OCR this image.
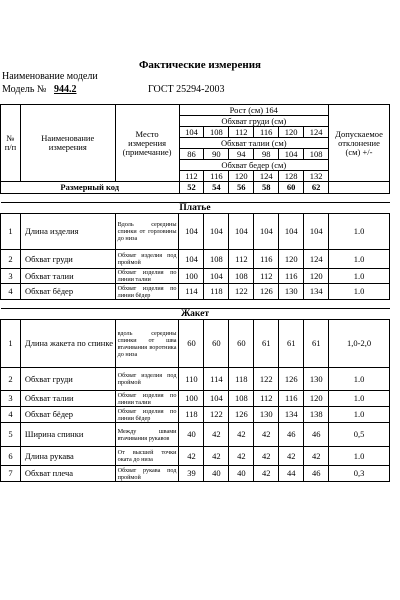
Фактические измерения
Наименование модели
Модель № 944.2	ГОСТ 25294-2003
№ п/п	Наименование измерения	Место измерения (примечание)	Рост (см) 164						Допускаемое отклонение (см) +/-
			Обхват груди (см)						
			104	108	112	116	120	124	
			Обхват талии (см)						
			86	90	94	98	104	108	
			Обхват бедер (см)						
			112	116	120	124	128	132	
Размерный код			52	54	56	58	60	62	
Платье									
1	Длина изделия	Вдоль середины спинки от горловины до низа	104	104	104	104	104	104	1.0
2	Обхват груди	Обхват изделия под проймой	104	108	112	116	120	124	1.0
3	Обхват талии	Обхват изделия по линии талии	100	104	108	112	116	120	1.0
4	Обхват бёдер	Обхват изделия по линии бёдер	114	118	122	126	130	134	1.0
Жакет									
1	Длина жакета по спинке	вдоль середины спинки от шва втачивания воротника до низа	60	60	60	61	61	61	1,0-2,0
2	Обхват груди	Обхват изделия под проймой	110	114	118	122	126	130	1.0
3	Обхват талии	Обхват изделия по линии талии	100	104	108	112	116	120	1.0
4	Обхват бёдер	Обхват изделия по линии бёдер	118	122	126	130	134	138	1.0
5	Ширина спинки	Между швами втачивания рукавов	40	42	42	42	46	46	0,5
6	Длина рукава	От высшей точки оката до низа	42	42	42	42	42	42	1.0
7	Обхват плеча	Обхват рукава под проймой	39	40	40	42	44	46	0,3
